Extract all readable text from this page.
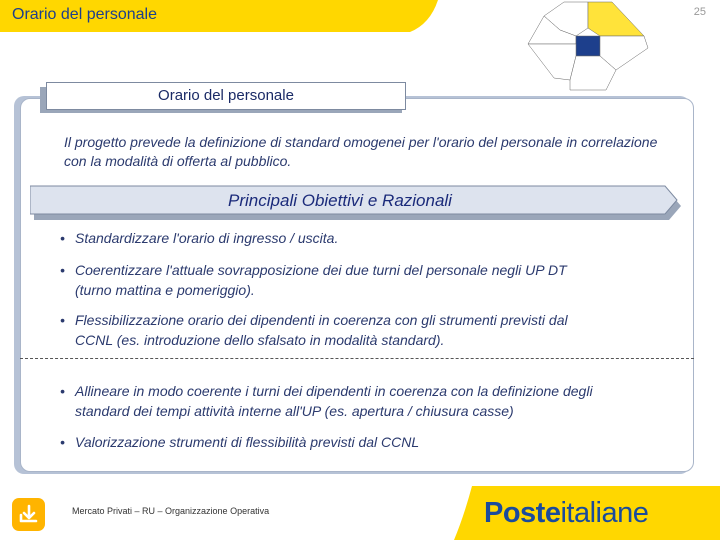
Orario del personale	25
Orario del personale

Il progetto prevede la definizione di standard omogenei per l'orario del personale in correlazione con la modalità di offerta al pubblico.

Principali Obiettivi e Razionali
• Standardizzare l'orario di ingresso / uscita.
• Coerentizzare l'attuale sovrapposizione dei due turni del personale negli UP DT
(turno mattina e pomeriggio).
• Flessibilizzazione orario dei dipendenti in coerenza con gli strumenti previsti dal
CCNL (es. introduzione dello sfalsato in modalità standard).
• Allineare in modo coerente i turni dei dipendenti in coerenza con la definizione degli
standard dei tempi attività interne all'UP (es. apertura / chiusura casse)
• Valorizzazione strumenti di flessibilità previsti dal CCNL
Mercato Privati – RU – Organizzazione Operativa	Posteitaliane
